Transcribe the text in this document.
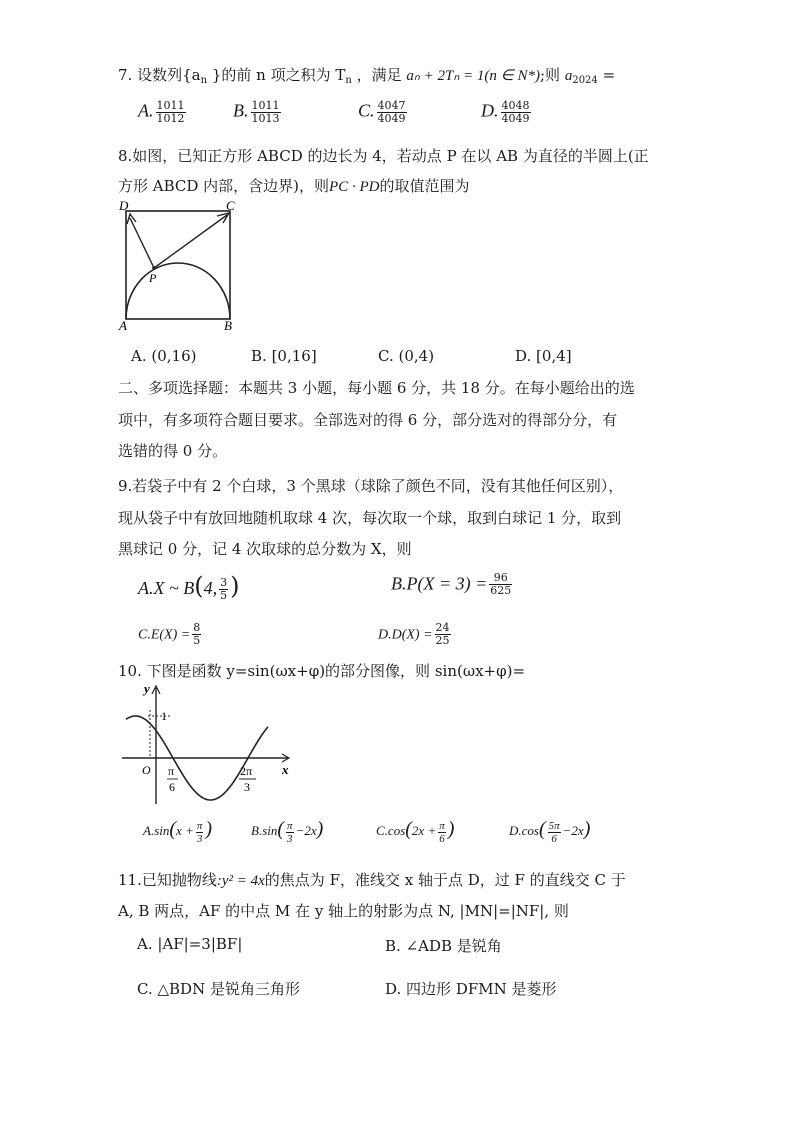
7. 设数列{$a_n$ }的前 n 项之积为 $T_n$ ，满足 aₙ + 2Tₙ = 1(n ∈ N*);则 $a_{2024}$ =
A. $\frac{1011}{1012}$	B. $\frac{1011}{1013}$	C. $\frac{4047}{4049}$	D. $\frac{4048}{4049}$
8.如图，已知正方形 ABCD 的边长为 4，若动点 P 在以 AB 为直径的半圆上(正
方形 ABCD 内部，含边界)，则PC · PD的取值范围为
D	C
A	B
P
A. (0,16)	B. [0,16]	C. (0,4)	D. [0,4]
二、多项选择题：本题共 3 小题，每小题 6 分，共 18 分。在每小题给出的选
项中，有多项符合题目要求。全部选对的得 6 分，部分选对的得部分分，有
选错的得 0 分。
9.若袋子中有 2 个白球，3 个黑球（球除了颜色不同，没有其他任何区别），
现从袋子中有放回地随机取球 4 次，每次取一个球，取到白球记 1 分，取到
黑球记 0 分，记 4 次取球的总分数为 X，则
A.X ~ B(4, $\frac{3}{5}$ )	$B.P(X = 3) = \frac{96}{625}$
$C.E(X) = \frac{8}{5}$	$D.D(X) = \frac{24}{25}$
10. 下图是函数 y=sin(ωx+φ)的部分图像，则 sin(ωx+φ)=
y
x
O
1
π
6
2π
3
$A.\sin(x + \frac{\pi}{3}$ )	$B.\sin( \frac{\pi}{3} -2x)$	$C.\cos(2x + \frac{\pi}{6}$ )	$D.\cos( \frac{5\pi}{6} -2x)$
11.已知抛物线:y² = 4x的焦点为 F，准线交 x 轴于点 D，过 F 的直线交 C 于
A, B 两点，AF 的中点 M 在 y 轴上的射影为点 N, |MN|=|NF|, 则
A. |AF|=3|BF|	B. ∠ADB 是锐角
C. △BDN 是锐角三角形	D. 四边形 DFMN 是菱形
